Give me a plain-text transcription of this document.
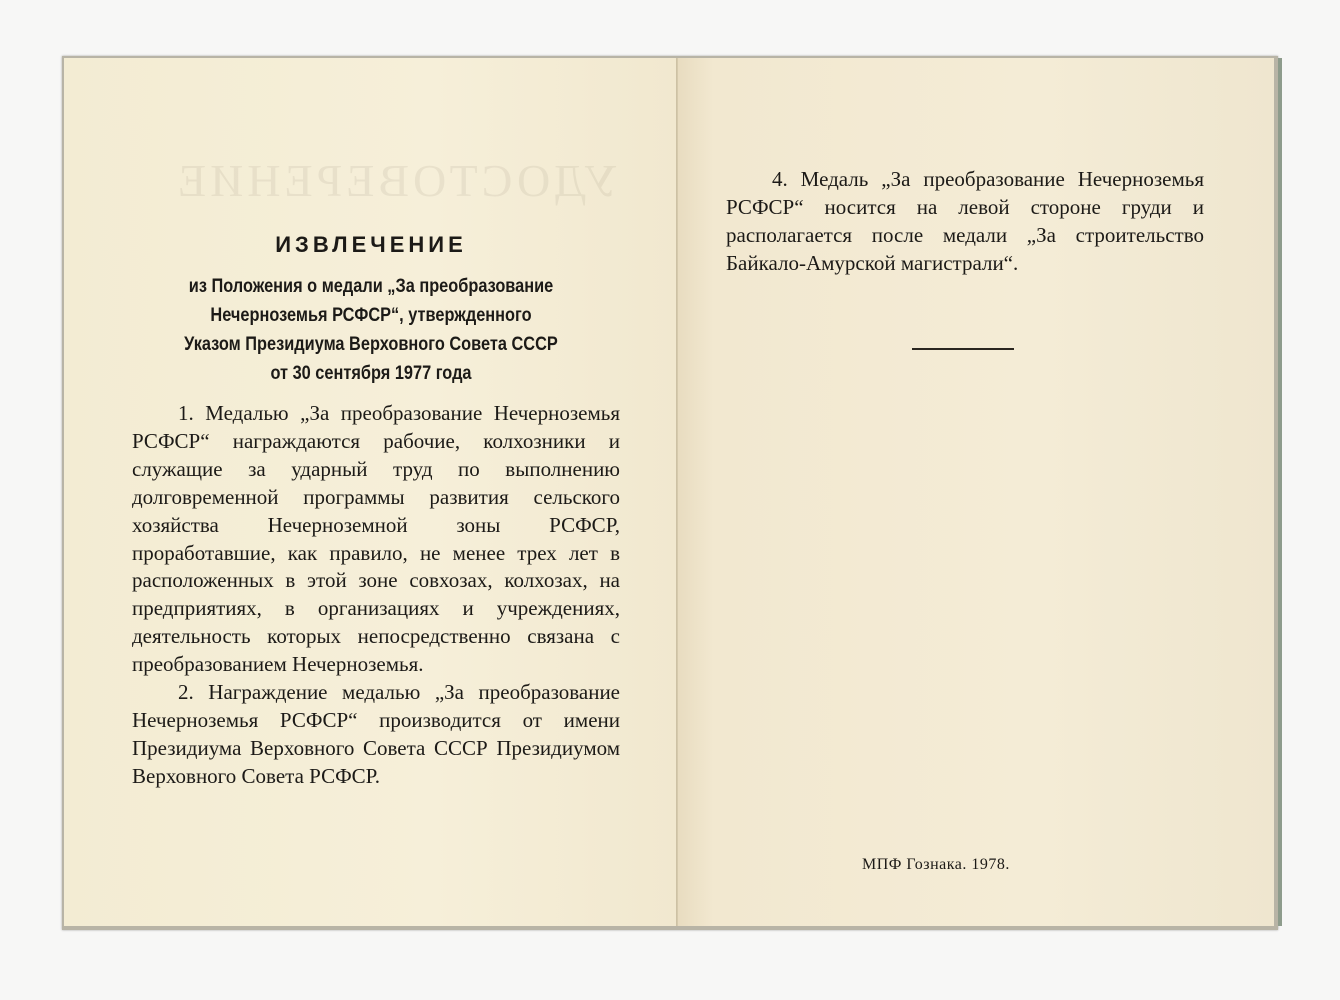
УДОСТОВЕРЕНИЕ
ИЗВЛЕЧЕНИЕ
из Положения о медали „За преобразование
Нечерноземья РСФСР“, утвержденного
Указом Президиума Верховного Совета СССР
от 30 сентября 1977 года

1. Медалью „За преобразование Нечерноземья РСФСР“ награждаются рабочие, колхозники и служащие за ударный труд по выполнению долговременной программы развития сельского хозяйства Нечерноземной зоны РСФСР, проработавшие, как правило, не менее трех лет в расположенных в этой зоне совхозах, колхозах, на предприятиях, в организациях и учреждениях, деятельность которых непосредственно связана с преобразованием Нечерноземья.

2. Награждение медалью „За преобразование Нечерноземья РСФСР“ производится от имени Президиума Верховного Совета СССР Президиумом Верховного Совета РСФСР.

4. Медаль „За преобразование Нечерноземья РСФСР“ носится на левой стороне груди и располагается после медали „За строительство Байкало-Амурской магистрали“.

МПФ Гознака. 1978.
